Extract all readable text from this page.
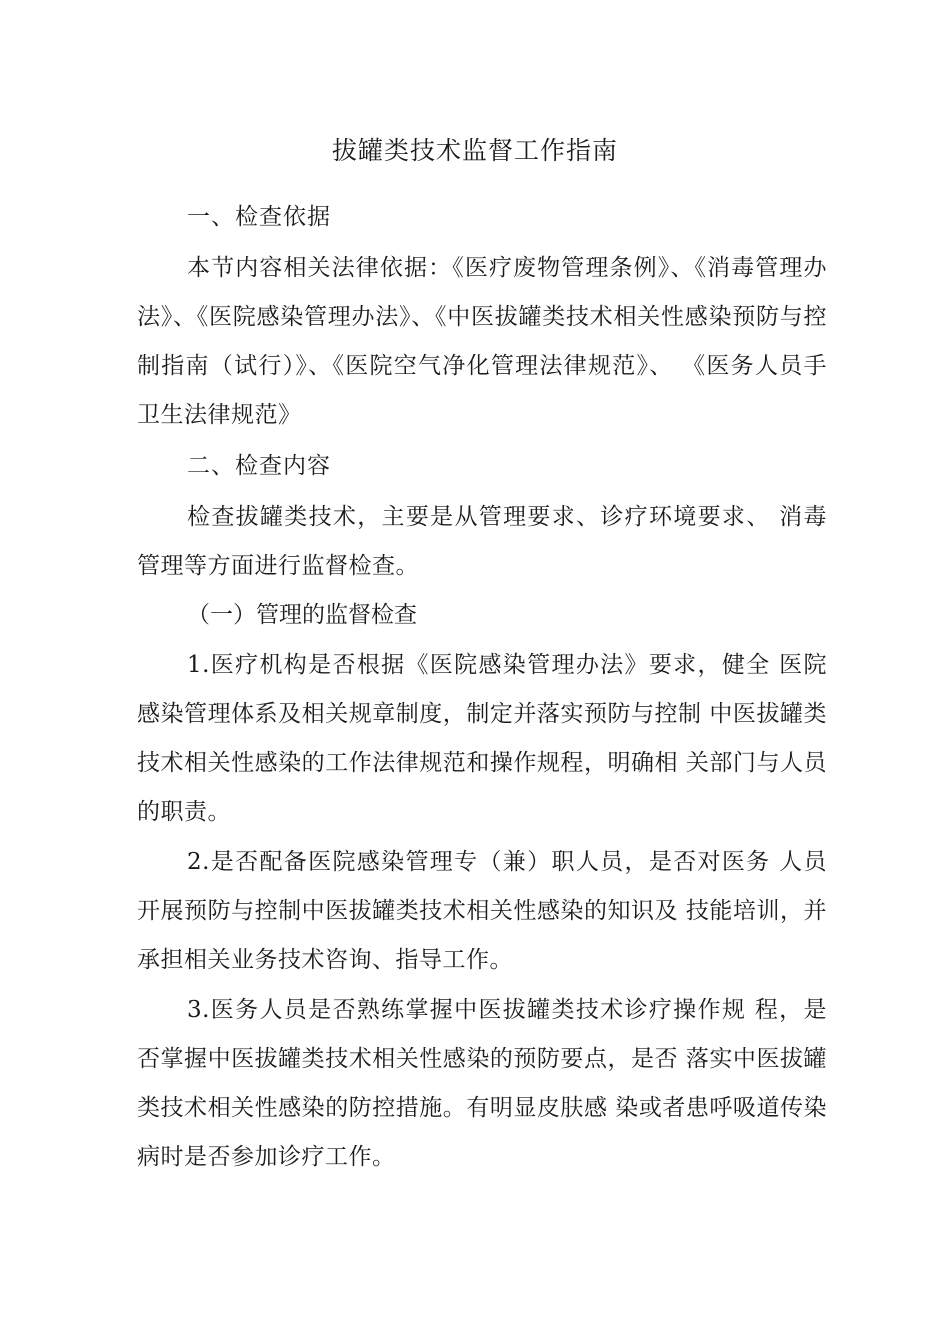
拔罐类技术监督工作指南
一、检查依据
本节内容相关法律依据：《医疗废物管理条例》、《消毒管理办法》、《医院感染管理办法》、《中医拔罐类技术相关性感染预防与控制指南（试行）》、《医院空气净化管理法律规范》、 《医务人员手卫生法律规范》
二、检查内容
检查拔罐类技术，主要是从管理要求、诊疗环境要求、 消毒管理等方面进行监督检查。
（一）管理的监督检查
1.医疗机构是否根据《医院感染管理办法》要求，健全 医院感染管理体系及相关规章制度，制定并落实预防与控制 中医拔罐类技术相关性感染的工作法律规范和操作规程，明确相 关部门与人员的职责。
2.是否配备医院感染管理专（兼）职人员，是否对医务 人员开展预防与控制中医拔罐类技术相关性感染的知识及 技能培训，并承担相关业务技术咨询、指导工作。
3.医务人员是否熟练掌握中医拔罐类技术诊疗操作规 程，是否掌握中医拔罐类技术相关性感染的预防要点，是否 落实中医拔罐类技术相关性感染的防控措施。有明显皮肤感 染或者患呼吸道传染病时是否参加诊疗工作。
